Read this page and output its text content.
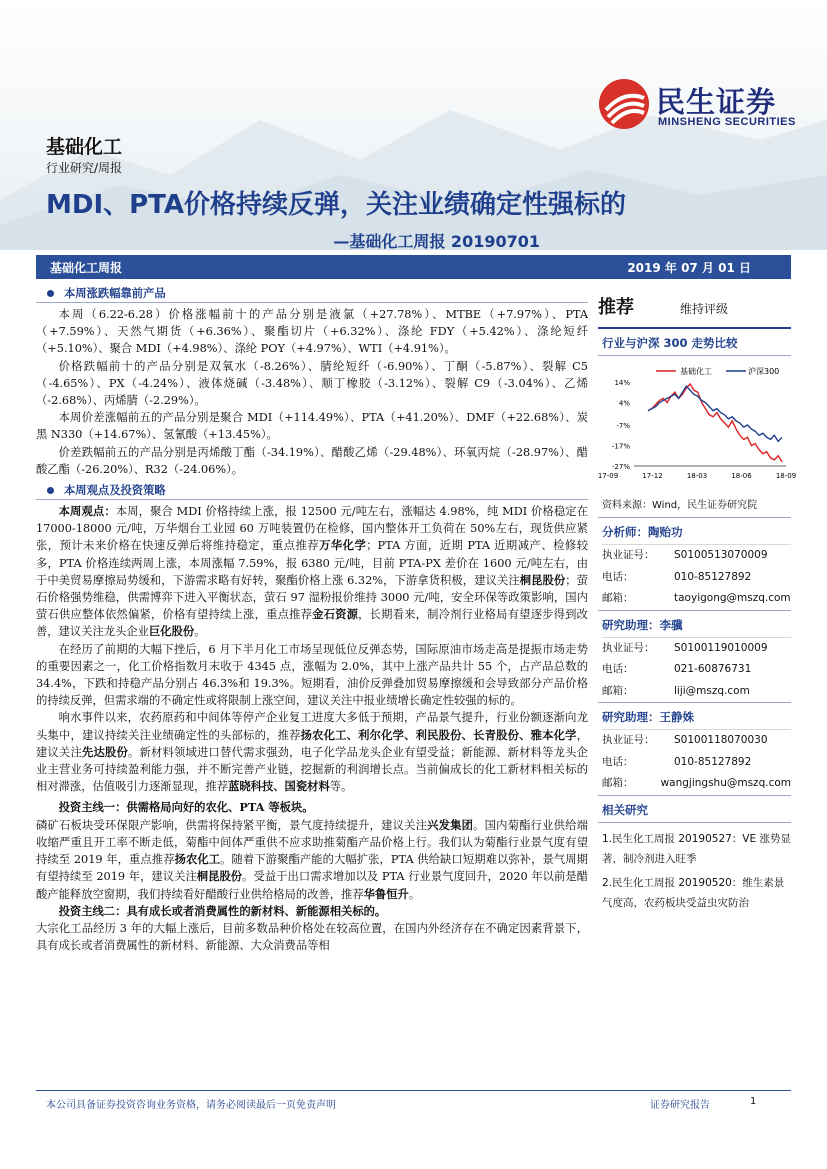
民生证券
MINSHENG SECURITIES
基础化工
行业研究/周报
MDI、PTA价格持续反弹，关注业绩确定性强标的
—基础化工周报 20190701
基础化工周报	2019 年 07 月 01 日
本周涨跌幅靠前产品

本周（6.22-6.28）价格涨幅前十的产品分别是液氯（+27.78%）、MTBE（+7.97%）、PTA（+7.59%）、天然气期货（+6.36%）、聚酯切片（+6.32%）、涤纶 FDY（+5.42%）、涤纶短纤（+5.10%）、聚合 MDI（+4.98%）、涤纶 POY（+4.97%）、WTI（+4.91%）。

价格跌幅前十的产品分别是双氧水（-8.26%）、腈纶短纤（-6.90%）、丁酮（-5.87%）、裂解 C5（-4.65%）、PX（-4.24%）、液体烧碱（-3.48%）、顺丁橡胶（-3.12%）、裂解 C9（-3.04%）、乙烯（-2.68%）、丙烯腈（-2.29%）。

本周价差涨幅前五的产品分别是聚合 MDI（+114.49%）、PTA（+41.20%）、DMF（+22.68%）、炭黑 N330（+14.67%）、氢氰酸（+13.45%）。

价差跌幅前五的产品分别是丙烯酸丁酯（-34.19%）、醋酸乙烯（-29.48%）、环氧丙烷（-28.97%）、醋酸乙酯（-26.20%）、R32（-24.06%）。

本周观点及投资策略

本周观点：本周，聚合 MDI 价格持续上涨，报 12500 元/吨左右，涨幅达 4.98%，纯 MDI 价格稳定在 17000-18000 元/吨，万华烟台工业园 60 万吨装置仍在检修，国内整体开工负荷在 50%左右，现货供应紧张，预计未来价格在快速反弹后将维持稳定，重点推荐万华化学；PTA 方面，近期 PTA 近期减产、检修较多，PTA 价格连续两周上涨，本周涨幅 7.59%，报 6380 元/吨，目前 PTA-PX 差价在 1600 元/吨左右，由于中美贸易摩擦局势缓和，下游需求略有好转，聚酯价格上涨 6.32%，下游拿货积极，建议关注桐昆股份；萤石价格强势维稳，供需博弈下进入平衡状态，萤石 97 湿粉报价维持 3000 元/吨，安全环保等政策影响，国内萤石供应整体依然偏紧，价格有望持续上涨，重点推荐金石资源，长期看来，制冷剂行业格局有望逐步得到改善，建议关注龙头企业巨化股份。

在经历了前期的大幅下挫后，6 月下半月化工市场呈现低位反弹态势，国际原油市场走高是提振市场走势的重要因素之一，化工价格指数月末收于 4345 点，涨幅为 2.0%，其中上涨产品共计 55 个，占产品总数的 34.4%，下跌和持稳产品分别占 46.3%和 19.3%。短期看，油价反弹叠加贸易摩擦缓和会导致部分产品价格的持续反弹，但需求端的不确定性或将限制上涨空间，建议关注中报业绩增长确定性较强的标的。

响水事件以来，农药原药和中间体等停产企业复工进度大多低于预期，产品景气提升，行业份额逐渐向龙头集中，建议持续关注业绩确定性的头部标的，推荐扬农化工、利尔化学、利民股份、长青股份、雅本化学，建议关注先达股份。新材料领域进口替代需求强劲，电子化学品龙头企业有望受益；新能源、新材料等龙头企业主营业务可持续盈利能力强，并不断完善产业链，挖掘新的利润增长点。当前偏成长的化工新材料相关标的相对滞涨，估值吸引力逐渐显现，推荐蓝晓科技、国瓷材料等。

投资主线一：供需格局向好的农化、PTA 等板块。

磷矿石板块受环保限产影响，供需将保持紧平衡，景气度持续提升，建议关注兴发集团。国内菊酯行业供给端收缩严重且开工率不断走低，菊酯中间体严重供不应求助推菊酯产品价格上行。我们认为菊酯行业景气度有望持续至 2019 年，重点推荐扬农化工。随着下游聚酯产能的大幅扩张，PTA 供给缺口短期难以弥补，景气周期有望持续至 2019 年，建议关注桐昆股份。受益于出口需求增加以及 PTA 行业景气度回升，2020 年以前是醋酸产能释放空窗期，我们持续看好醋酸行业供给格局的改善，推荐华鲁恒升。

投资主线二：具有成长或者消费属性的新材料、新能源相关标的。

大宗化工品经历 3 年的大幅上涨后，目前多数品种价格处在较高位置，在国内外经济存在不确定因素背景下，具有成长或者消费属性的新材料、新能源、大众消费品等相

推荐	维持评级
行业与沪深 300 走势比较
基础化工	沪深300
14%
4%
-7%
-17%
-27%
17-09	17-12	18-03	18-06	18-09
资料来源：Wind，民生证券研究院
分析师：陶贻功
执业证号：	S0100513070009
电话：	010-85127892
邮箱：	taoyigong@mszq.com
研究助理：李骥
执业证号：	S0100119010009
电话：	021-60876731
邮箱：	liji@mszq.com
研究助理：王静姝
执业证号：	S0100118070030
电话：	010-85127892
邮箱：	wangjingshu@mszq.com
相关研究

1.民生化工周报 20190527：VE 涨势显著，制冷剂进入旺季

2.民生化工周报 20190520：维生素景气度高，农药板块受益虫灾防治

本公司具备证券投资咨询业务资格，请务必阅读最后一页免责声明	证券研究报告	1
